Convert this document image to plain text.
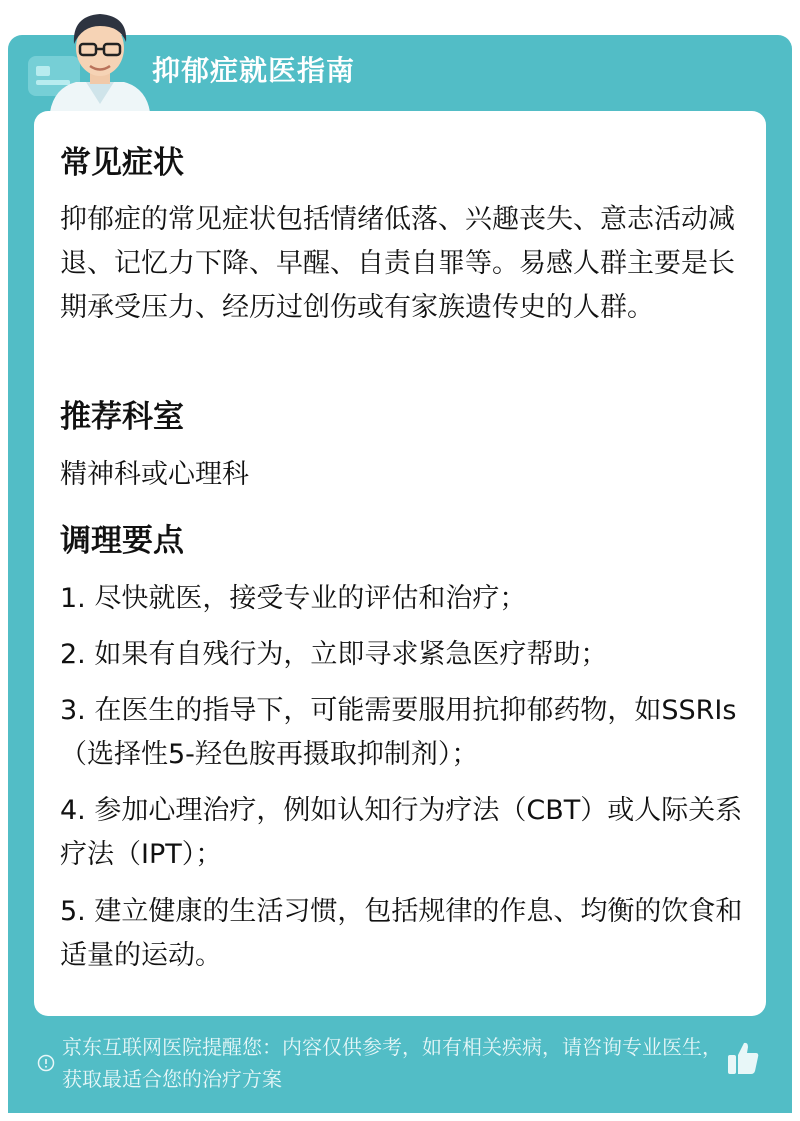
抑郁症就医指南
常见症状
抑郁症的常见症状包括情绪低落、兴趣丧失、意志活动减退、记忆力下降、早醒、自责自罪等。易感人群主要是长期承受压力、经历过创伤或有家族遗传史的人群。
推荐科室
精神科或心理科
调理要点
1. 尽快就医，接受专业的评估和治疗；
2. 如果有自残行为，立即寻求紧急医疗帮助；
3. 在医生的指导下，可能需要服用抗抑郁药物，如SSRIs（选择性5-羟色胺再摄取抑制剂）；
4. 参加心理治疗，例如认知行为疗法（CBT）或人际关系疗法（IPT）；
5. 建立健康的生活习惯，包括规律的作息、均衡的饮食和适量的运动。
京东互联网医院提醒您：内容仅供参考，如有相关疾病，请咨询专业医生，获取最适合您的治疗方案
